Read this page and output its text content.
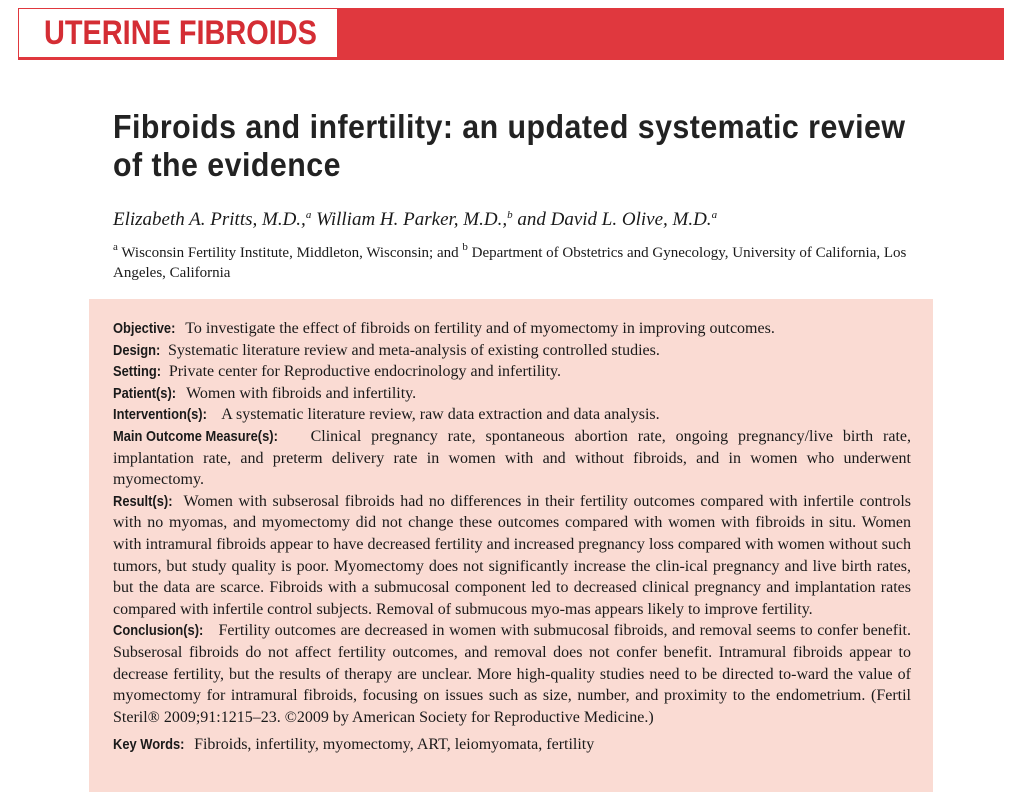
UTERINE FIBROIDS
Fibroids and infertility: an updated systematic review of the evidence
Elizabeth A. Pritts, M.D.,$^a$ William H. Parker, M.D.,$^b$ and David L. Olive, M.D.$^a$
$^a$ Wisconsin Fertility Institute, Middleton, Wisconsin; and $^b$ Department of Obstetrics and Gynecology, University of California, Los Angeles, California

Objective: To investigate the effect of fibroids on fertility and of myomectomy in improving outcomes.

Design: Systematic literature review and meta-analysis of existing controlled studies.

Setting: Private center for Reproductive endocrinology and infertility.

Patient(s): Women with fibroids and infertility.

Intervention(s): A systematic literature review, raw data extraction and data analysis.

Main Outcome Measure(s): Clinical pregnancy rate, spontaneous abortion rate, ongoing pregnancy/live birth rate, implantation rate, and preterm delivery rate in women with and without fibroids, and in women who underwent myomectomy.

Result(s): Women with subserosal fibroids had no differences in their fertility outcomes compared with infertile controls with no myomas, and myomectomy did not change these outcomes compared with women with fibroids in situ. Women with intramural fibroids appear to have decreased fertility and increased pregnancy loss compared with women without such tumors, but study quality is poor. Myomectomy does not significantly increase the clin-ical pregnancy and live birth rates, but the data are scarce. Fibroids with a submucosal component led to decreased clinical pregnancy and implantation rates compared with infertile control subjects. Removal of submucous myo-mas appears likely to improve fertility.

Conclusion(s): Fertility outcomes are decreased in women with submucosal fibroids, and removal seems to confer benefit. Subserosal fibroids do not affect fertility outcomes, and removal does not confer benefit. Intramural fibroids appear to decrease fertility, but the results of therapy are unclear. More high-quality studies need to be directed to-ward the value of myomectomy for intramural fibroids, focusing on issues such as size, number, and proximity to the endometrium. (Fertil Steril® 2009;91:1215–23. ©2009 by American Society for Reproductive Medicine.)

Key Words: Fibroids, infertility, myomectomy, ART, leiomyomata, fertility
